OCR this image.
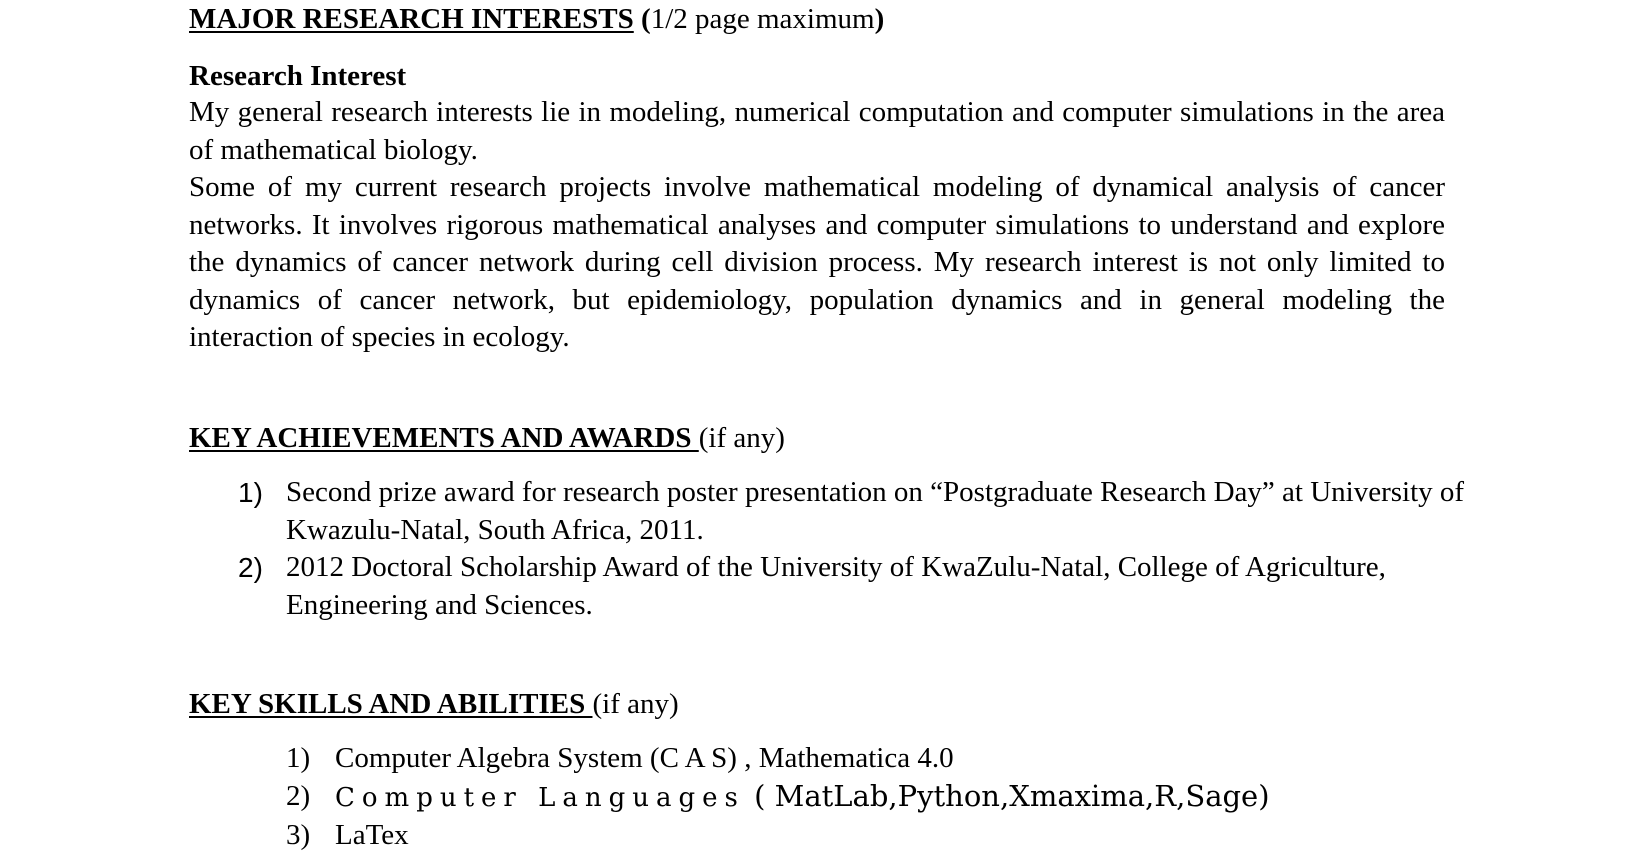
MAJOR RESEARCH INTERESTS (1/2 page maximum)
Research Interest
My general research interests lie in modeling, numerical computation and computer simulations in the area of mathematical biology.
Some of my current research projects involve mathematical modeling of dynamical analysis of cancer networks. It involves rigorous mathematical analyses and computer simulations to understand and explore the dynamics of cancer network during cell division process. My research interest is not only limited to dynamics of cancer network, but epidemiology, population dynamics and in general modeling the interaction of species in ecology.
KEY ACHIEVEMENTS AND AWARDS (if any)
1) Second prize award for research poster presentation on “Postgraduate Research Day” at University of Kwazulu-Natal, South Africa, 2011.
2) 2012 Doctoral Scholarship Award of the University of KwaZulu-Natal, College of Agriculture, Engineering and Sciences.
KEY SKILLS AND ABILITIES (if any)
1) Computer Algebra System (C A S) , Mathematica 4.0
2) Computer Languages ( MatLab,Python,Xmaxima,R,Sage)
3) LaTex
